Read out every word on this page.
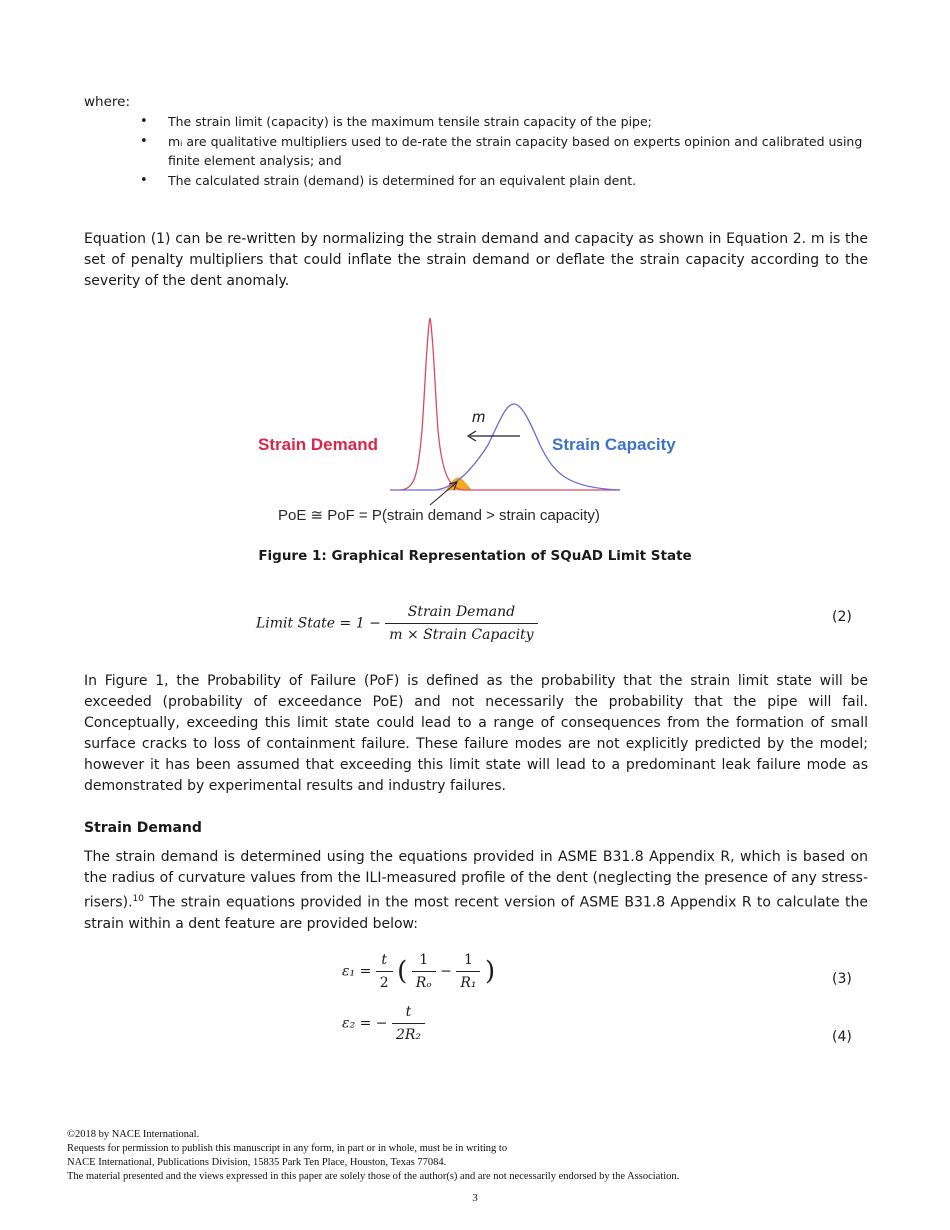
where:
• The strain limit (capacity) is the maximum tensile strain capacity of the pipe;
• mᵢ are qualitative multipliers used to de-rate the strain capacity based on experts opinion and calibrated using finite element analysis; and
• The calculated strain (demand) is determined for an equivalent plain dent.
Equation (1) can be re-written by normalizing the strain demand and capacity as shown in Equation 2. m is the set of penalty multipliers that could inflate the strain demand or deflate the strain capacity according to the severity of the dent anomaly.
m
Strain Demand	Strain Capacity
PoE ≅ PoF = P(strain demand > strain capacity)
Figure 1: Graphical Representation of SQuAD Limit State
Limit State = $1 - \frac{\text{Strain Demand}}{\text{m × Strain Capacity}}$	(2)
In Figure 1, the Probability of Failure (PoF) is defined as the probability that the strain limit state will be exceeded (probability of exceedance PoE) and not necessarily the probability that the pipe will fail. Conceptually, exceeding this limit state could lead to a range of consequences from the formation of small surface cracks to loss of containment failure. These failure modes are not explicitly predicted by the model; however it has been assumed that exceeding this limit state will lead to a predominant leak failure mode as demonstrated by experimental results and industry failures.
Strain Demand
The strain demand is determined using the equations provided in ASME B31.8 Appendix R, which is based on the radius of curvature values from the ILI-measured profile of the dent (neglecting the presence of any stress-risers).$^{10}$ The strain equations provided in the most recent version of ASME B31.8 Appendix R to calculate the strain within a dent feature are provided below:
$\varepsilon_1 = \frac{t}{2}$ ( $\frac{1}{\text{Rₒ}} - \frac{1}{\text{R₁}}$ )	(3)
ε₂ = − $\frac{t}{\text{2R₂}}$	(4)
©2018 by NACE International.
Requests for permission to publish this manuscript in any form, in part or in whole, must be in writing to
NACE International, Publications Division, 15835 Park Ten Place, Houston, Texas 77084.
The material presented and the views expressed in this paper are solely those of the author(s) and are not necessarily endorsed by the Association.
3
